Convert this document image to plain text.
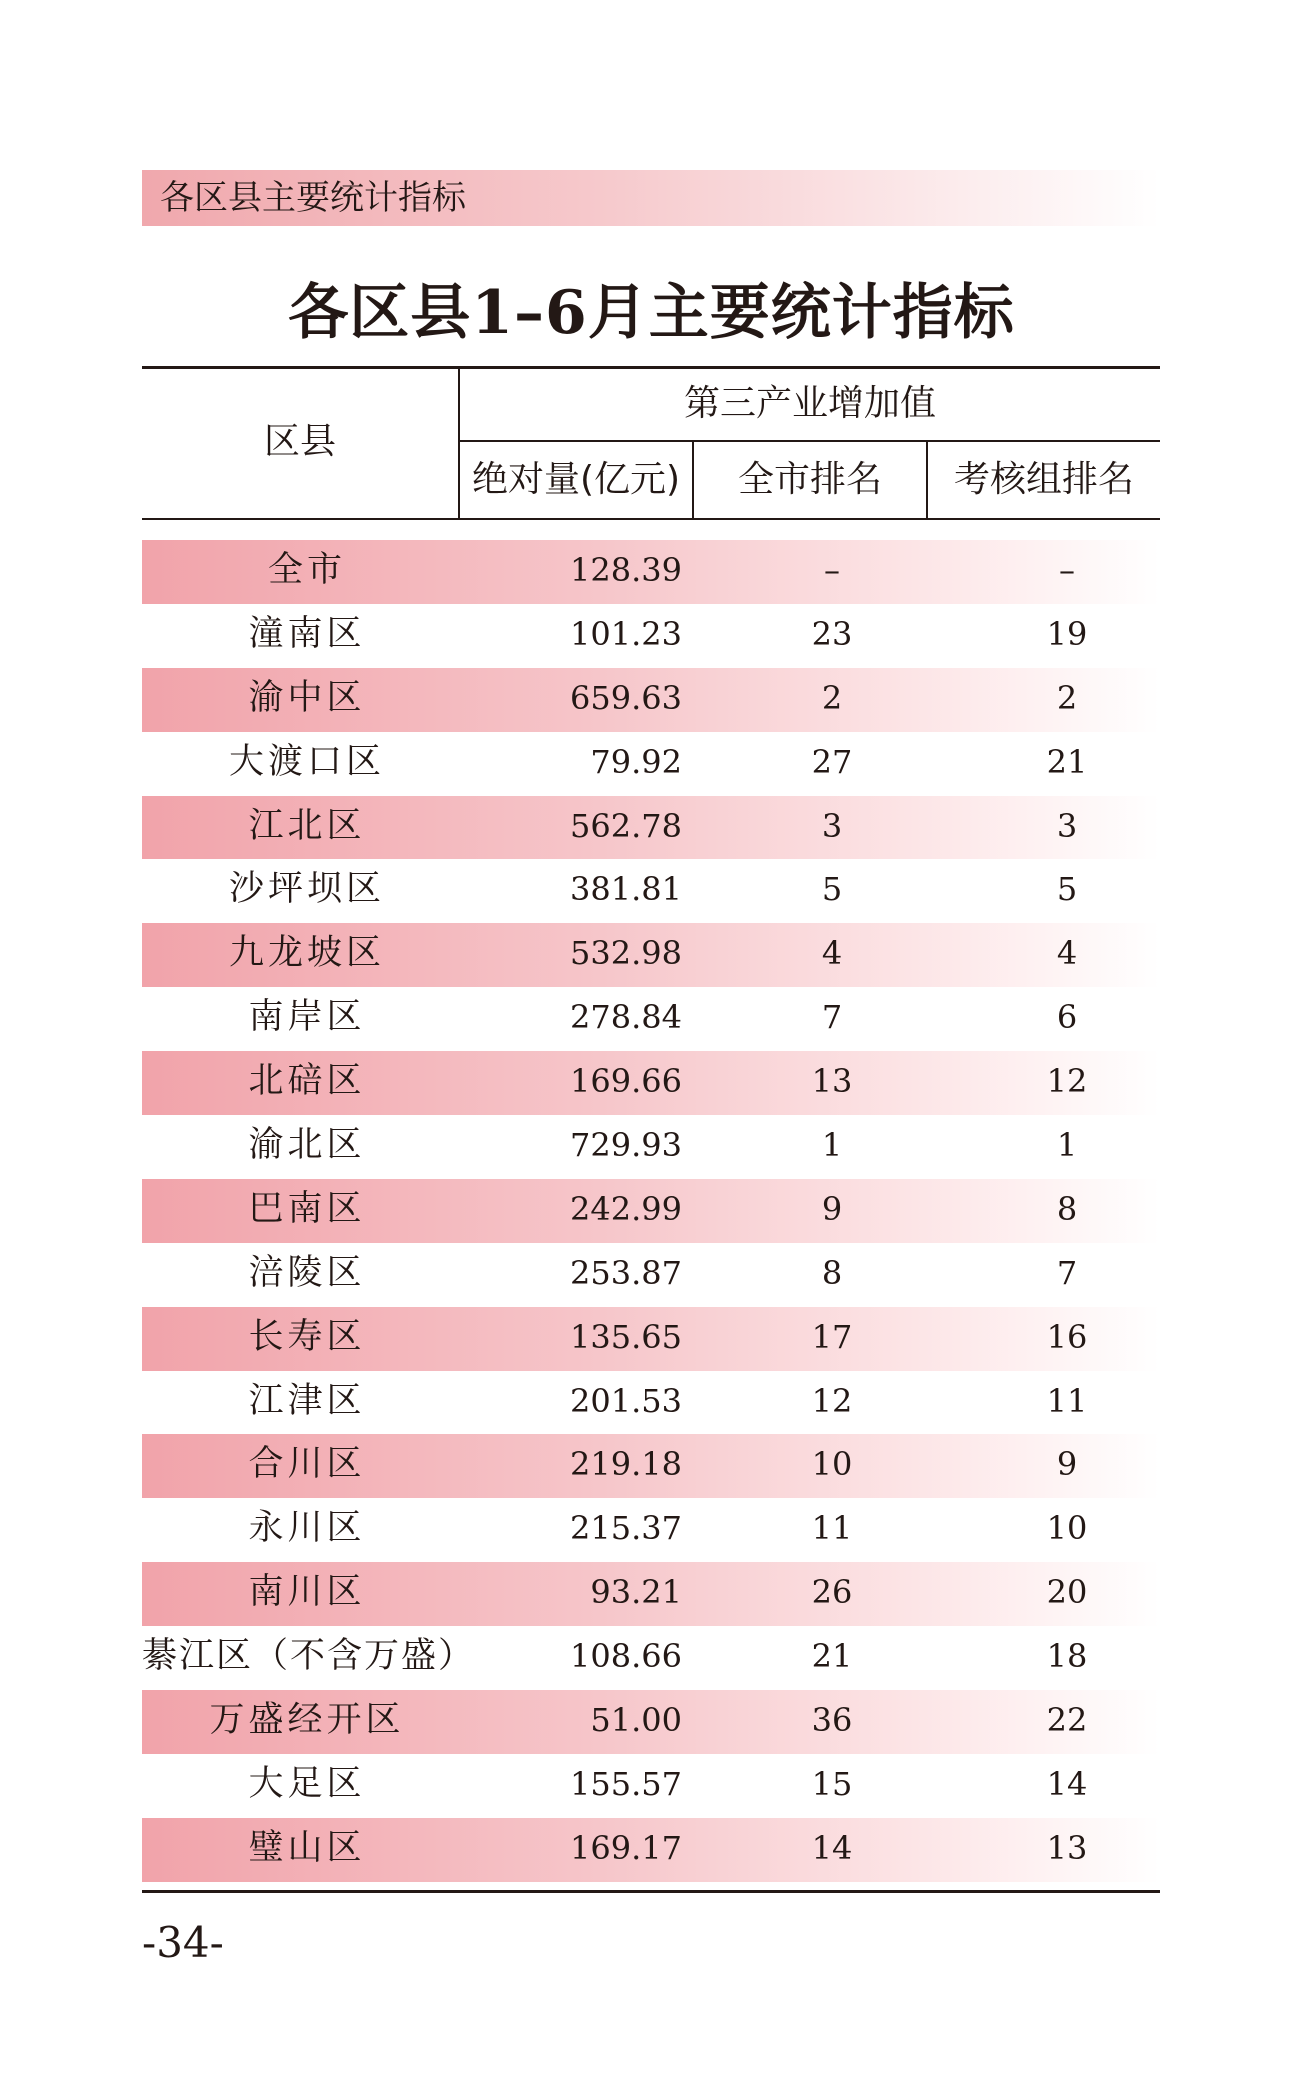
各区县主要统计指标
各区县1–6月主要统计指标
区县
第三产业增加值
绝对量(亿元)	全市排名	考核组排名
全市	128.39	–	–
潼南区	101.23	23	19
渝中区	659.63	2	2
大渡口区	79.92	27	21
江北区	562.78	3	3
沙坪坝区	381.81	5	5
九龙坡区	532.98	4	4
南岸区	278.84	7	6
北碚区	169.66	13	12
渝北区	729.93	1	1
巴南区	242.99	9	8
涪陵区	253.87	8	7
长寿区	135.65	17	16
江津区	201.53	12	11
合川区	219.18	10	9
永川区	215.37	11	10
南川区	93.21	26	20
綦江区（不含万盛）	108.66	21	18
万盛经开区	51.00	36	22
大足区	155.57	15	14
璧山区	169.17	14	13
-34-
